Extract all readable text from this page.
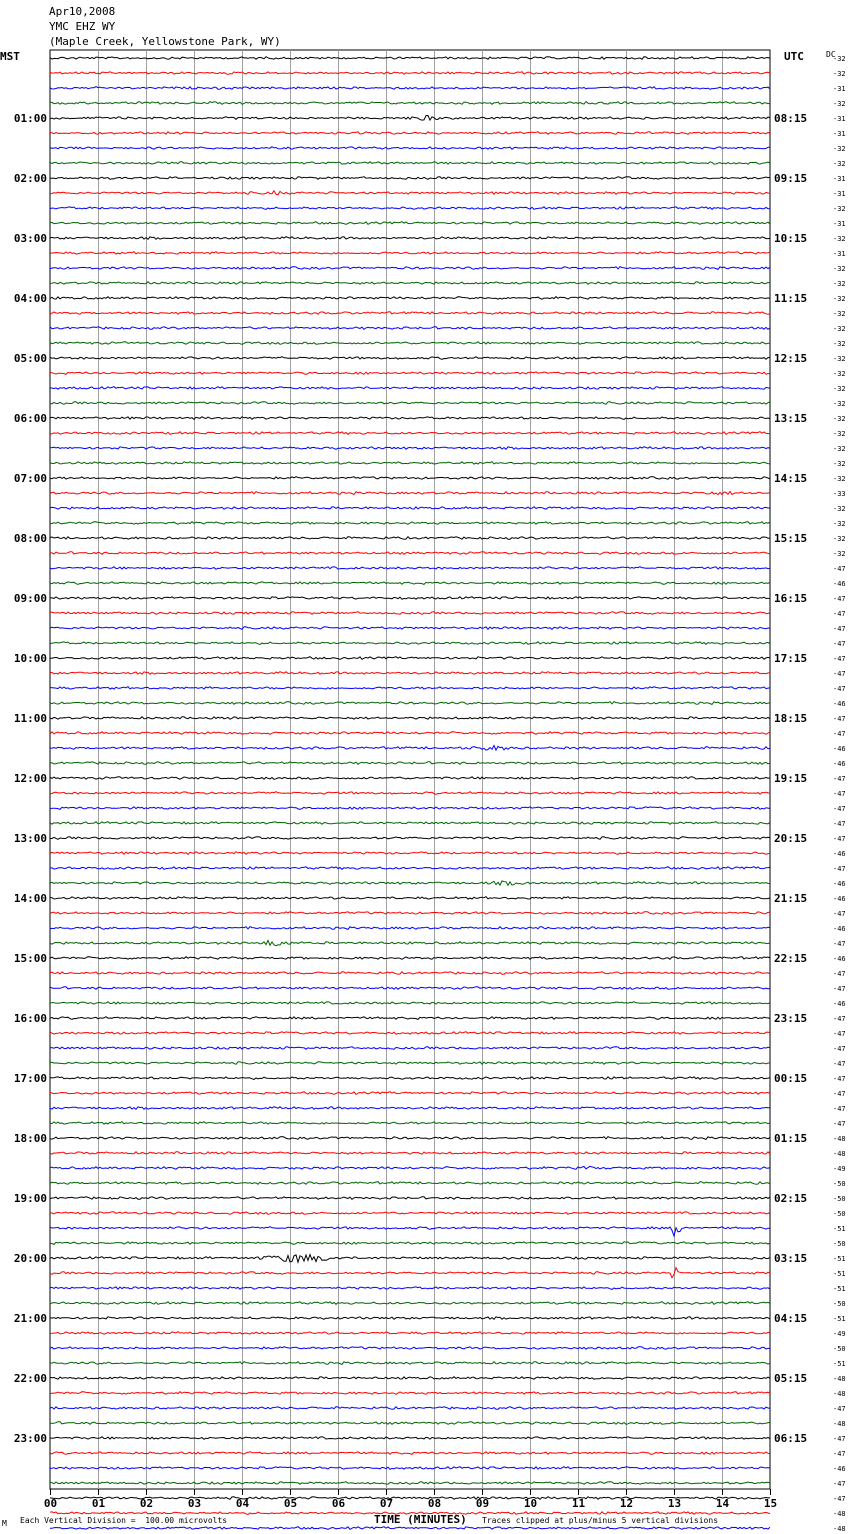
Apr10,2008
YMC EHZ WY
(Maple Creek, Yellowstone Park, WY)
MST	UTC	DC
00	01	02	03	04	05	06	07	08	09	10	11	12	13	14	15
-32
-32
-31
-32
-31
-31
-32
-32
-31
-31
-32
-31
-32
-31
-32
-32
-32
-32
-32
-32
-32
-32
-32
-32
-32
-32
-32
-32
-32
-33
-32
-32
-32
-32
-47
-46
-47
-47
-47
-47
-47
-47
-47
-46
-47
-47
-46
-46
-47
-47
-47
-47
-47
-46
-47
-46
-46
-47
-46
-47
-46
-47
-47
-46
-47
-47
-47
-47
-47
-47
-47
-47
-48
-48
-49
-50
-50
-50
-51
-50
-51
-51
-51
-50
-51
-49
-50
-51
-48
-48
-47
-48
-47
-47
-46
-47
-47
-48
-48
01:00
02:00
03:00
04:00
05:00
06:00
07:00
08:00
09:00
10:00
11:00
12:00
13:00
14:00
15:00
16:00
17:00
18:00
19:00
20:00
21:00
22:00
23:00
08:15
09:15
10:15
11:15
12:15
13:15
14:15
15:15
16:15
17:15
18:15
19:15
20:15
21:15
22:15
23:15
00:15
01:15
02:15
03:15
04:15
05:15
06:15
M Each Vertical Division =  100.00 microvolts	TIME (MINUTES) Traces clipped at plus/minus 5 vertical divisions
